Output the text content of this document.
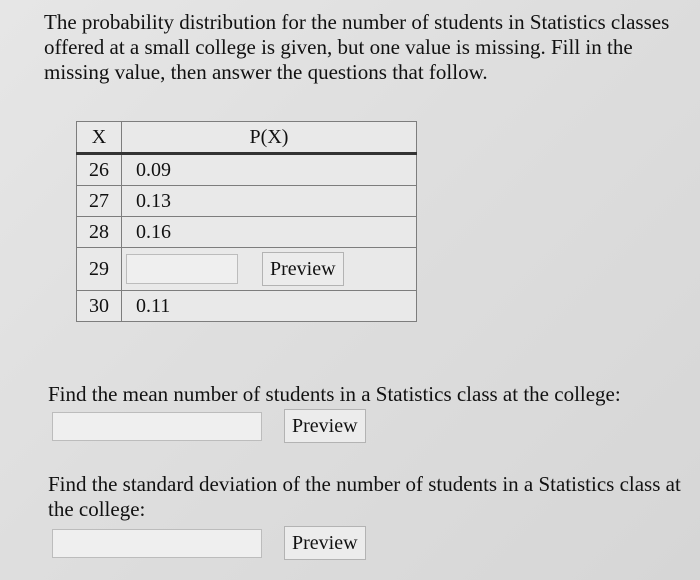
The probability distribution for the number of students in Statistics classes offered at a small college is given, but one value is missing. Fill in the missing value, then answer the questions that follow.

X	P(X)
26	0.09
27	0.13
28	0.16
29	Preview

30	0.11

Find the mean number of students in a Statistics class at the college:

Preview

Find the standard deviation of the number of students in a Statistics class at the college:

Preview
